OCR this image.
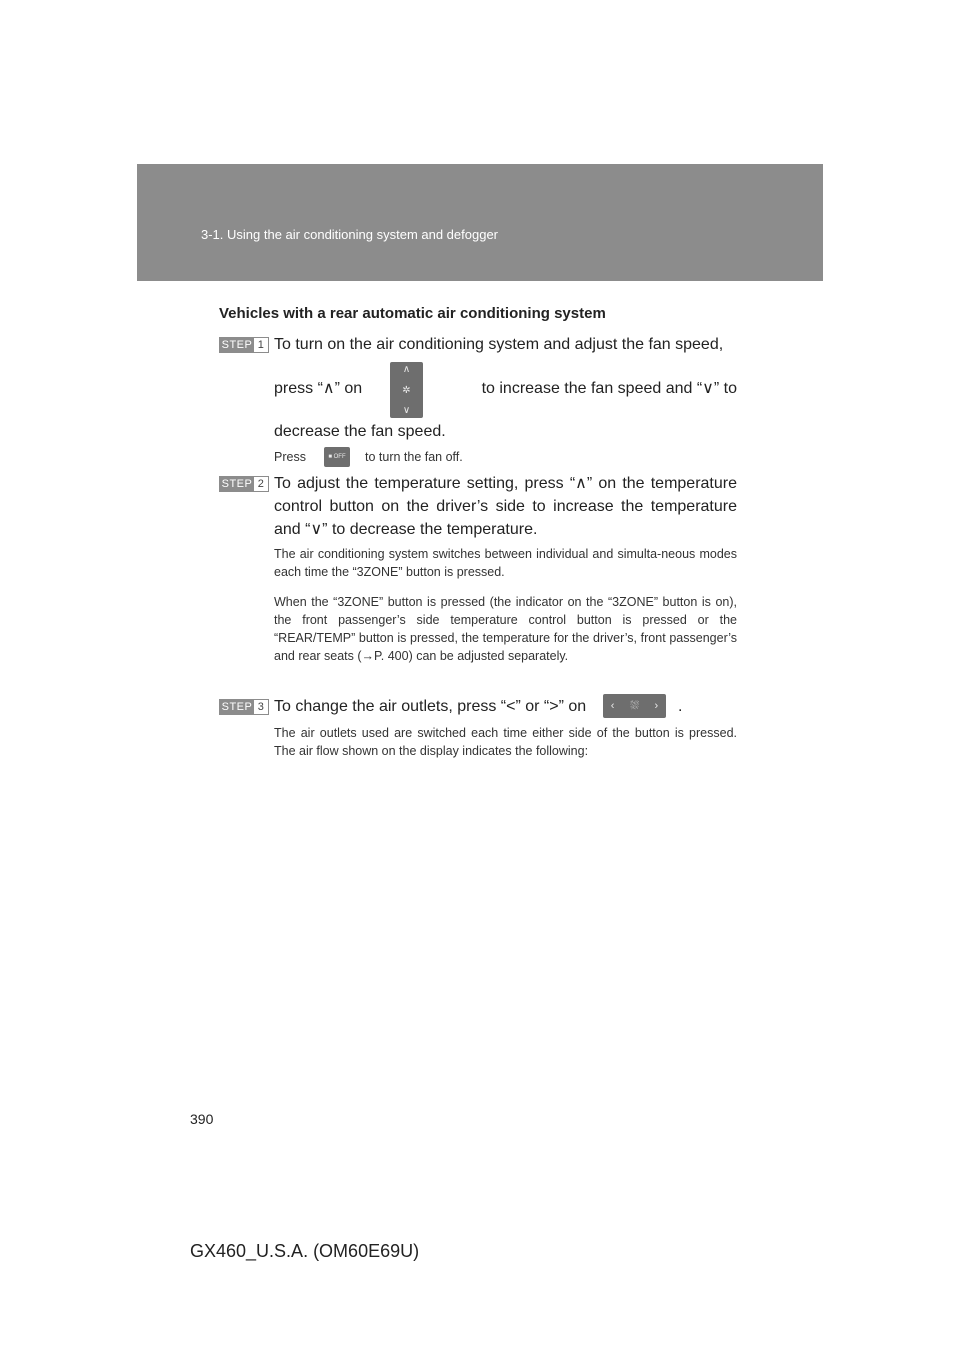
3-1. Using the air conditioning system and defogger
Vehicles with a rear automatic air conditioning system
STEP 1 To turn on the air conditioning system and adjust the fan speed,
press “∧” on	to increase the fan speed and “∨” to
∧
✲
∨
decrease the fan speed.
Press	■ OFF	to turn the fan off.
STEP 2 To adjust the temperature setting, press “∧” on the temperature control button on the driver’s side to increase the temperature and “∨” to decrease the temperature.
The air conditioning system switches between individual and simulta-neous modes each time the “3ZONE” button is pressed.
When the “3ZONE” button is pressed (the indicator on the “3ZONE” button is on), the front passenger’s side temperature control button is pressed or the “REAR/TEMP” button is pressed, the temperature for the driver’s, front passenger’s and rear seats (→P. 400) can be adjusted separately.
STEP 3 To change the air outlets, press “<” or “>” on	‹ ⛆ › .
The air outlets used are switched each time either side of the button is pressed. The air flow shown on the display indicates the following:
390
GX460_U.S.A. (OM60E69U)
